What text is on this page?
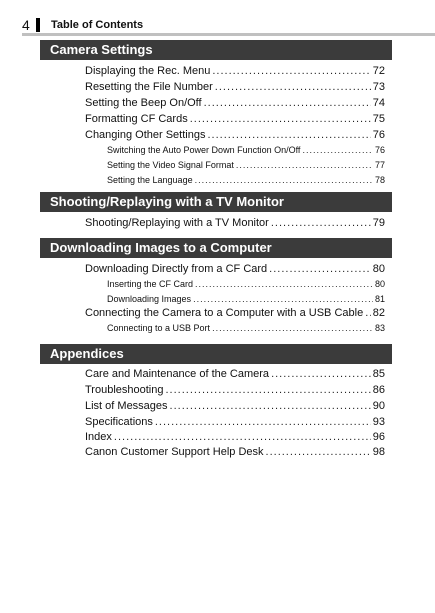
4 Table of Contents
Camera Settings
Displaying the Rec. Menu .....	72
Resetting the File Number .....	73
Setting the Beep On/Off .....	74
Formatting CF Cards .....	75
Changing Other Settings .....	76
Switching the Auto Power Down Function On/Off .....	76
Setting the Video Signal Format .....	77
Setting the Language .....	78
Shooting/Replaying with a TV Monitor
Shooting/Replaying with a TV Monitor .....	79
Downloading Images to a Computer
Downloading Directly from a CF Card .....	80
Inserting the CF Card .....	80
Downloading Images .....	81
Connecting the Camera to a Computer with a USB Cable ..... 82
Connecting to a USB Port .....	83
Appendices
Care and Maintenance of the Camera .....	85
Troubleshooting .....	86
List of Messages .....	90
Specifications .....	93
Index .....	96
Canon Customer Support Help Desk .....	98
